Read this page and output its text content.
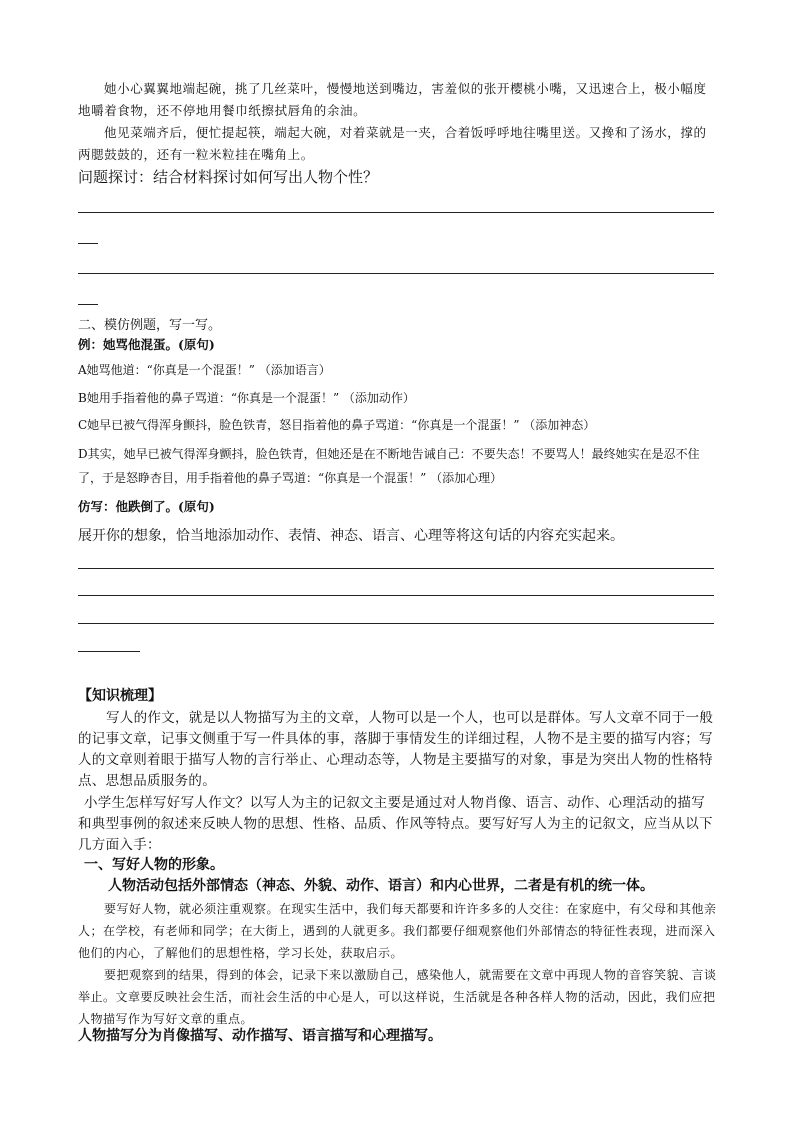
她小心翼翼地端起碗，挑了几丝菜叶，慢慢地送到嘴边，害羞似的张开樱桃小嘴，又迅速合上，极小幅度地嚼着食物，还不停地用餐巾纸擦拭唇角的余油。
他见菜端齐后，便忙提起筷，端起大碗，对着菜就是一夹，合着饭呼呼地往嘴里送。又搀和了汤水，撑的两腮鼓鼓的，还有一粒米粒挂在嘴角上。
问题探讨：结合材料探讨如何写出人物个性？
二、模仿例题，写一写。
例：她骂他混蛋。(原句)
A她骂他道：“你真是一个混蛋！” （添加语言）
B她用手指着他的鼻子骂道：“你真是一个混蛋！” （添加动作）
C她早已被气得浑身颤抖，脸色铁青，怒目指着他的鼻子骂道：“你真是一个混蛋！” （添加神态）
D其实，她早已被气得浑身颤抖，脸色铁青，但她还是在不断地告诫自己：不要失态！不要骂人！最终她实在是忍不住了，于是怒睁杏目，用手指着他的鼻子骂道：“你真是一个混蛋！” （添加心理）
仿写：他跌倒了。(原句)
展开你的想象，恰当地添加动作、表情、神态、语言、心理等将这句话的内容充实起来。
【知识梳理】
写人的作文，就是以人物描写为主的文章，人物可以是一个人，也可以是群体。写人文章不同于一般的记事文章，记事文侧重于写一件具体的事，落脚于事情发生的详细过程，人物不是主要的描写内容；写人的文章则着眼于描写人物的言行举止、心理动态等，人物是主要描写的对象，事是为突出人物的性格特点、思想品质服务的。
小学生怎样写好写人作文？以写人为主的记叙文主要是通过对人物肖像、语言、动作、心理活动的描写和典型事例的叙述来反映人物的思想、性格、品质、作风等特点。要写好写人为主的记叙文，应当从以下几方面入手：
一、写好人物的形象。
人物活动包括外部情态（神态、外貌、动作、语言）和内心世界，二者是有机的统一体。
要写好人物，就必须注重观察。在现实生活中，我们每天都要和许许多多的人交往：在家庭中，有父母和其他亲人；在学校，有老师和同学；在大街上，遇到的人就更多。我们都要仔细观察他们外部情态的特征性表现，进而深入他们的内心，了解他们的思想性格，学习长处，获取启示。
要把观察到的结果，得到的体会，记录下来以激励自己，感染他人，就需要在文章中再现人物的音容笑貌、言谈举止。文章要反映社会生活，而社会生活的中心是人，可以这样说，生活就是各种各样人物的活动，因此，我们应把人物描写作为写好文章的重点。
人物描写分为肖像描写、动作描写、语言描写和心理描写。
